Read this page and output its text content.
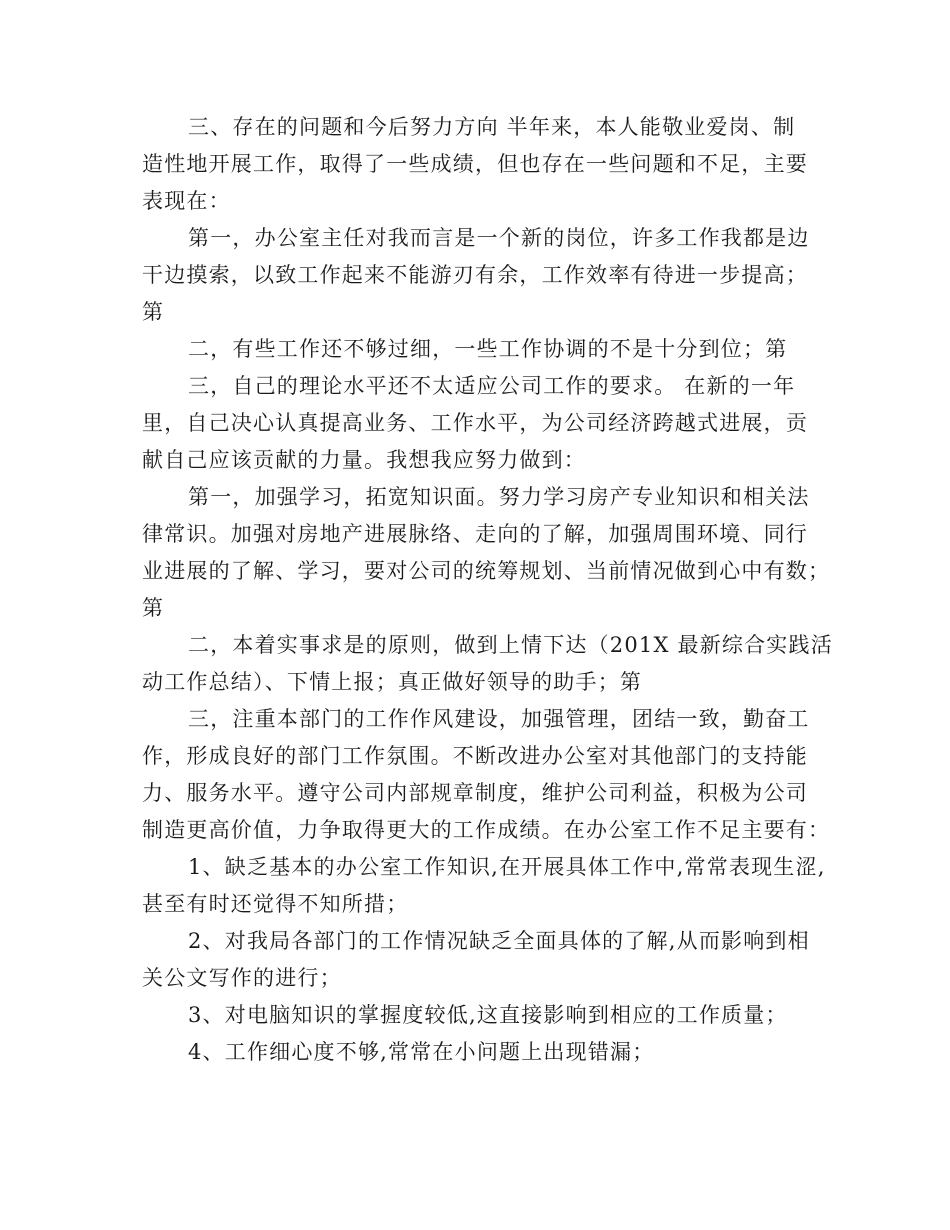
三、存在的问题和今后努力方向 半年来，本人能敬业爱岗、制
造性地开展工作，取得了一些成绩，但也存在一些问题和不足，主要
表现在：
第一，办公室主任对我而言是一个新的岗位，许多工作我都是边
干边摸索，以致工作起来不能游刃有余，工作效率有待进一步提高；
第
二，有些工作还不够过细，一些工作协调的不是十分到位；第
三，自己的理论水平还不太适应公司工作的要求。 在新的一年
里，自己决心认真提高业务、工作水平，为公司经济跨越式进展，贡
献自己应该贡献的力量。我想我应努力做到：
第一，加强学习，拓宽知识面。努力学习房产专业知识和相关法
律常识。加强对房地产进展脉络、走向的了解，加强周围环境、同行
业进展的了解、学习，要对公司的统筹规划、当前情况做到心中有数；
第
二，本着实事求是的原则，做到上情下达（201X 最新综合实践活
动工作总结）、下情上报；真正做好领导的助手；第
三，注重本部门的工作作风建设，加强管理，团结一致，勤奋工
作，形成良好的部门工作氛围。不断改进办公室对其他部门的支持能
力、服务水平。遵守公司内部规章制度，维护公司利益，积极为公司
制造更高价值，力争取得更大的工作成绩。在办公室工作不足主要有：
1、缺乏基本的办公室工作知识,在开展具体工作中,常常表现生涩,
甚至有时还觉得不知所措；
2、对我局各部门的工作情况缺乏全面具体的了解,从而影响到相
关公文写作的进行；
3、对电脑知识的掌握度较低,这直接影响到相应的工作质量；
4、工作细心度不够,常常在小问题上出现错漏；
